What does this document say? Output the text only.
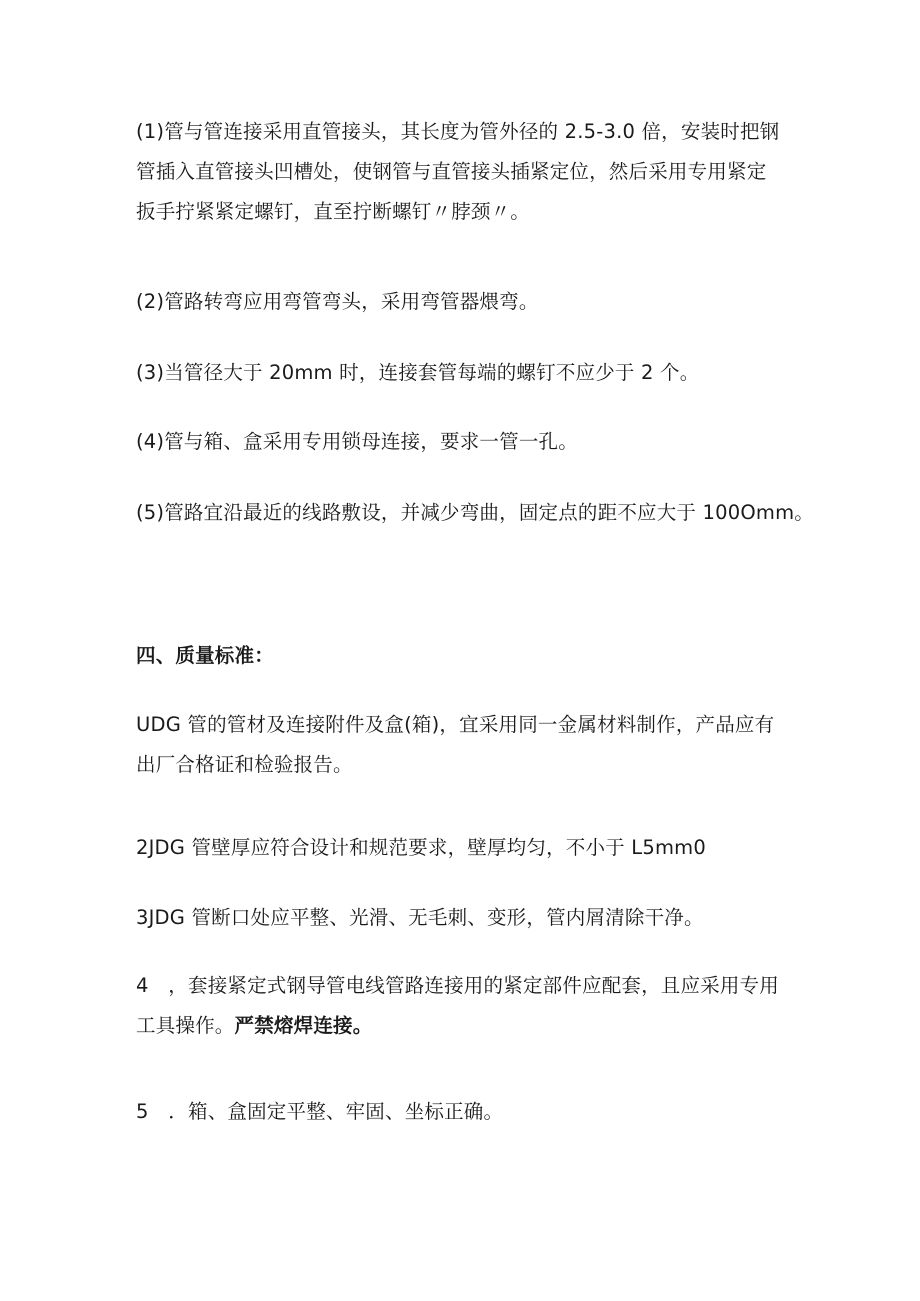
(1)管与管连接采用直管接头，其长度为管外径的 2.5-3.0 倍，安装时把钢
管插入直管接头凹槽处，使钢管与直管接头插紧定位，然后采用专用紧定
扳手拧紧紧定螺钉，直至拧断螺钉〃脖颈〃。
(2)管路转弯应用弯管弯头，采用弯管器煨弯。
(3)当管径大于 20mm 时，连接套管每端的螺钉不应少于 2 个。
(4)管与箱、盒采用专用锁母连接，要求一管一孔。
(5)管路宜沿最近的线路敷设，并减少弯曲，固定点的距不应大于 100Omm。
四、质量标准：
UDG 管的管材及连接附件及盒(箱)，宜采用同一金属材料制作，产品应有
出厂合格证和检验报告。
2JDG 管壁厚应符合设计和规范要求，壁厚均匀，不小于 L5mm0
3JDG 管断口处应平整、光滑、无毛刺、变形，管内屑清除干净。
4　，套接紧定式钢导管电线管路连接用的紧定部件应配套，且应采用专用
工具操作。严禁熔焊连接。
5　．箱、盒固定平整、牢固、坐标正确。
